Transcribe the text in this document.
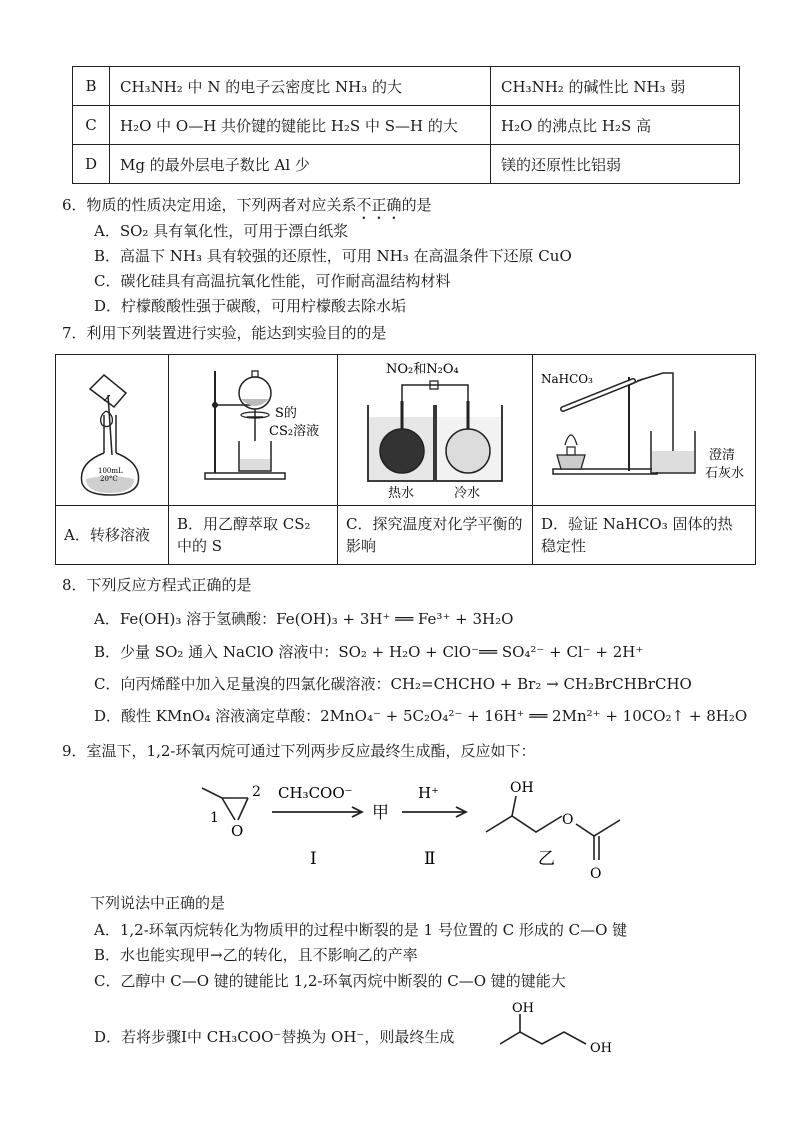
B	CH₃NH₂ 中 N 的电子云密度比 NH₃ 的大	CH₃NH₂ 的碱性比 NH₃ 弱
C	H₂O 中 O—H 共价键的键能比 H₂S 中 S—H 的大	H₂O 的沸点比 H₂S 高
D	Mg 的最外层电子数比 Al 少	镁的还原性比铝弱
6．物质的性质决定用途，下列两者对应关系不正确的是
A．SO₂ 具有氧化性，可用于漂白纸浆
B．高温下 NH₃ 具有较强的还原性，可用 NH₃ 在高温条件下还原 CuO
C．碳化硅具有高温抗氧化性能，可作耐高温结构材料
D．柠檬酸酸性强于碳酸，可用柠檬酸去除水垢
7．利用下列装置进行实验，能达到实验目的的是
100mL
20°C	S的
CS₂溶液	NO₂和N₂O₄
热水 冷水	NaHCO₃
澄清
石灰水

A．转移溶液	B．用乙醇萃取 CS₂ 中的 S	C．探究温度对化学平衡的影响	D．验证 NaHCO₃ 固体的热稳定性
8．下列反应方程式正确的是
A．Fe(OH)₃ 溶于氢碘酸：Fe(OH)₃ + 3H⁺ ══ Fe³⁺ + 3H₂O
B．少量 SO₂ 通入 NaClO 溶液中：SO₂ + H₂O + ClO⁻══ SO₄²⁻ + Cl⁻ + 2H⁺
C．向丙烯醛中加入足量溴的四氯化碳溶液：CH₂=CHCHO + Br₂ → CH₂BrCHBrCHO
D．酸性 KMnO₄ 溶液滴定草酸：2MnO₄⁻ + 5C₂O₄²⁻ + 16H⁺ ══ 2Mn²⁺ + 10CO₂↑ + 8H₂O
9．室温下，1,2-环氧丙烷可通过下列两步反应最终生成酯，反应如下：
1
2
O
CH₃COO⁻
Ⅰ
甲
H⁺
Ⅱ
OH
O
O
乙
下列说法中正确的是
A．1,2-环氧丙烷转化为物质甲的过程中断裂的是 1 号位置的 C 形成的 C—O 键
B．水也能实现甲→乙的转化，且不影响乙的产率
C．乙醇中 C—O 键的键能比 1,2-环氧丙烷中断裂的 C—O 键的键能大
D．若将步骤Ⅰ中 CH₃COO⁻替换为 OH⁻，则最终生成
OH
OH
